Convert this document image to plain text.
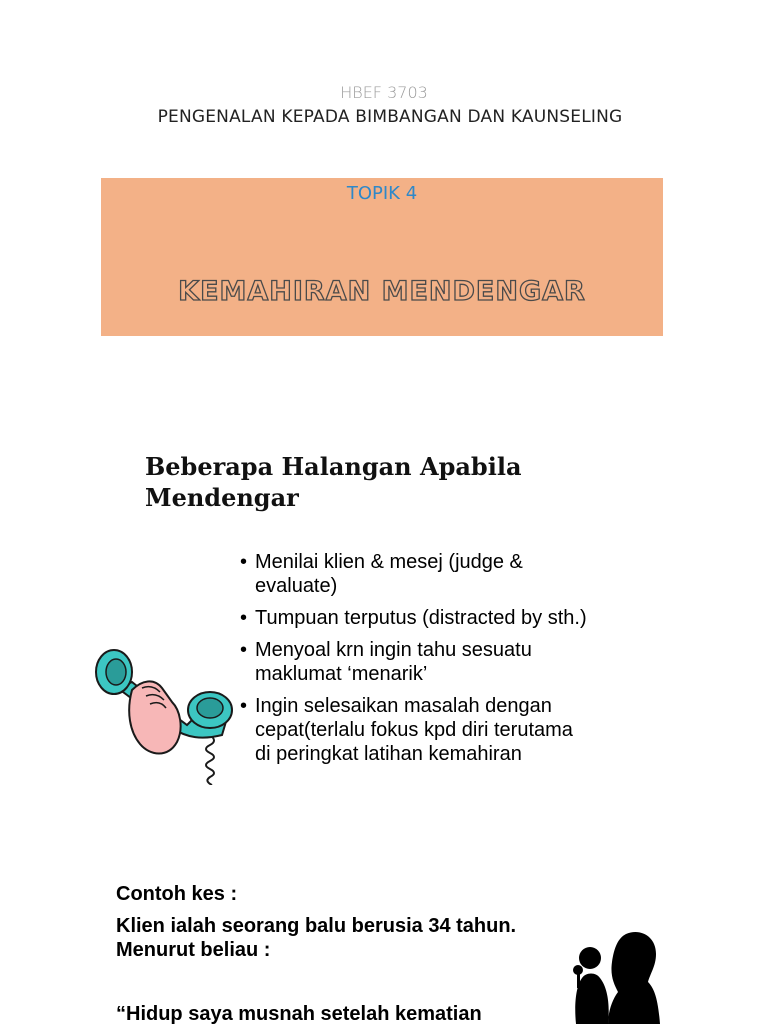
HBEF 3703
PENGENALAN KEPADA BIMBANGAN DAN KAUNSELING
TOPIK 4
KEMAHIRAN MENDENGAR
Beberapa Halangan Apabila
Mendengar
• Menilai klien & mesej (judge &
evaluate)
• Tumpuan terputus (distracted by sth.)
• Menyoal krn ingin tahu sesuatu
maklumat ‘menarik’
• Ingin selesaikan masalah dengan
cepat(terlalu fokus kpd diri terutama
di peringkat latihan kemahiran
Contoh kes :
Klien ialah seorang balu berusia 34 tahun.
Menurut beliau :
“Hidup saya musnah setelah kematian
